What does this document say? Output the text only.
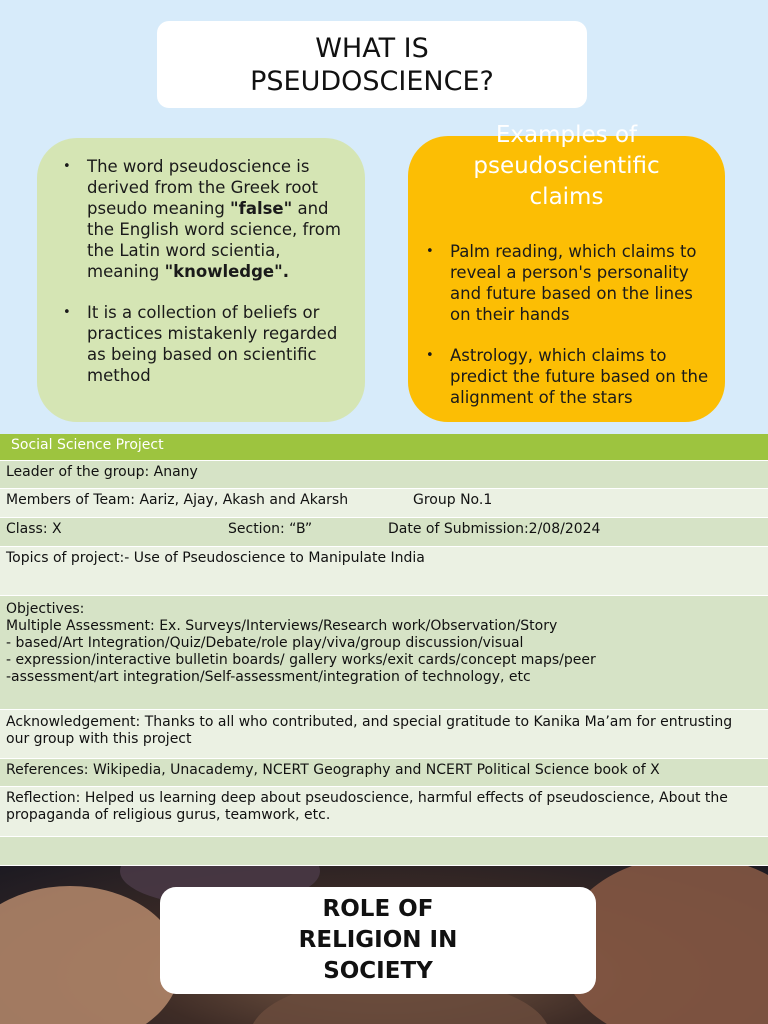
WHAT IS
PSEUDOSCIENCE?
• The word pseudoscience is derived from the Greek root pseudo meaning "false" and the English word science, from the Latin word scientia, meaning "knowledge".
• It is a collection of beliefs or practices mistakenly regarded as being based on scientific method
Examples of
pseudoscientific
claims
• Palm reading, which claims to reveal a person's personality and future based on the lines on their hands
• Astrology, which claims to predict the future based on the alignment of the stars
Social Science Project
Leader of the group: Anany
Members of Team: Aariz, Ajay, Akash and Akarsh	Group No.1
Class: X	Section: “B”	Date of Submission:2/08/2024
Topics of project:- Use of Pseudoscience to Manipulate India
Objectives:
Multiple Assessment: Ex. Surveys/Interviews/Research work/Observation/Story
- based/Art Integration/Quiz/Debate/role play/viva/group discussion/visual
- expression/interactive bulletin boards/ gallery works/exit cards/concept maps/peer
-assessment/art integration/Self-assessment/integration of technology, etc
Acknowledgement: Thanks to all who contributed, and special gratitude to Kanika Ma’am for entrusting
our group with this project
References: Wikipedia, Unacademy, NCERT Geography and NCERT Political Science book of X
Reflection: Helped us learning deep about pseudoscience, harmful effects of pseudoscience, About the
propaganda of religious gurus, teamwork, etc.
ROLE OF
RELIGION IN
SOCIETY
